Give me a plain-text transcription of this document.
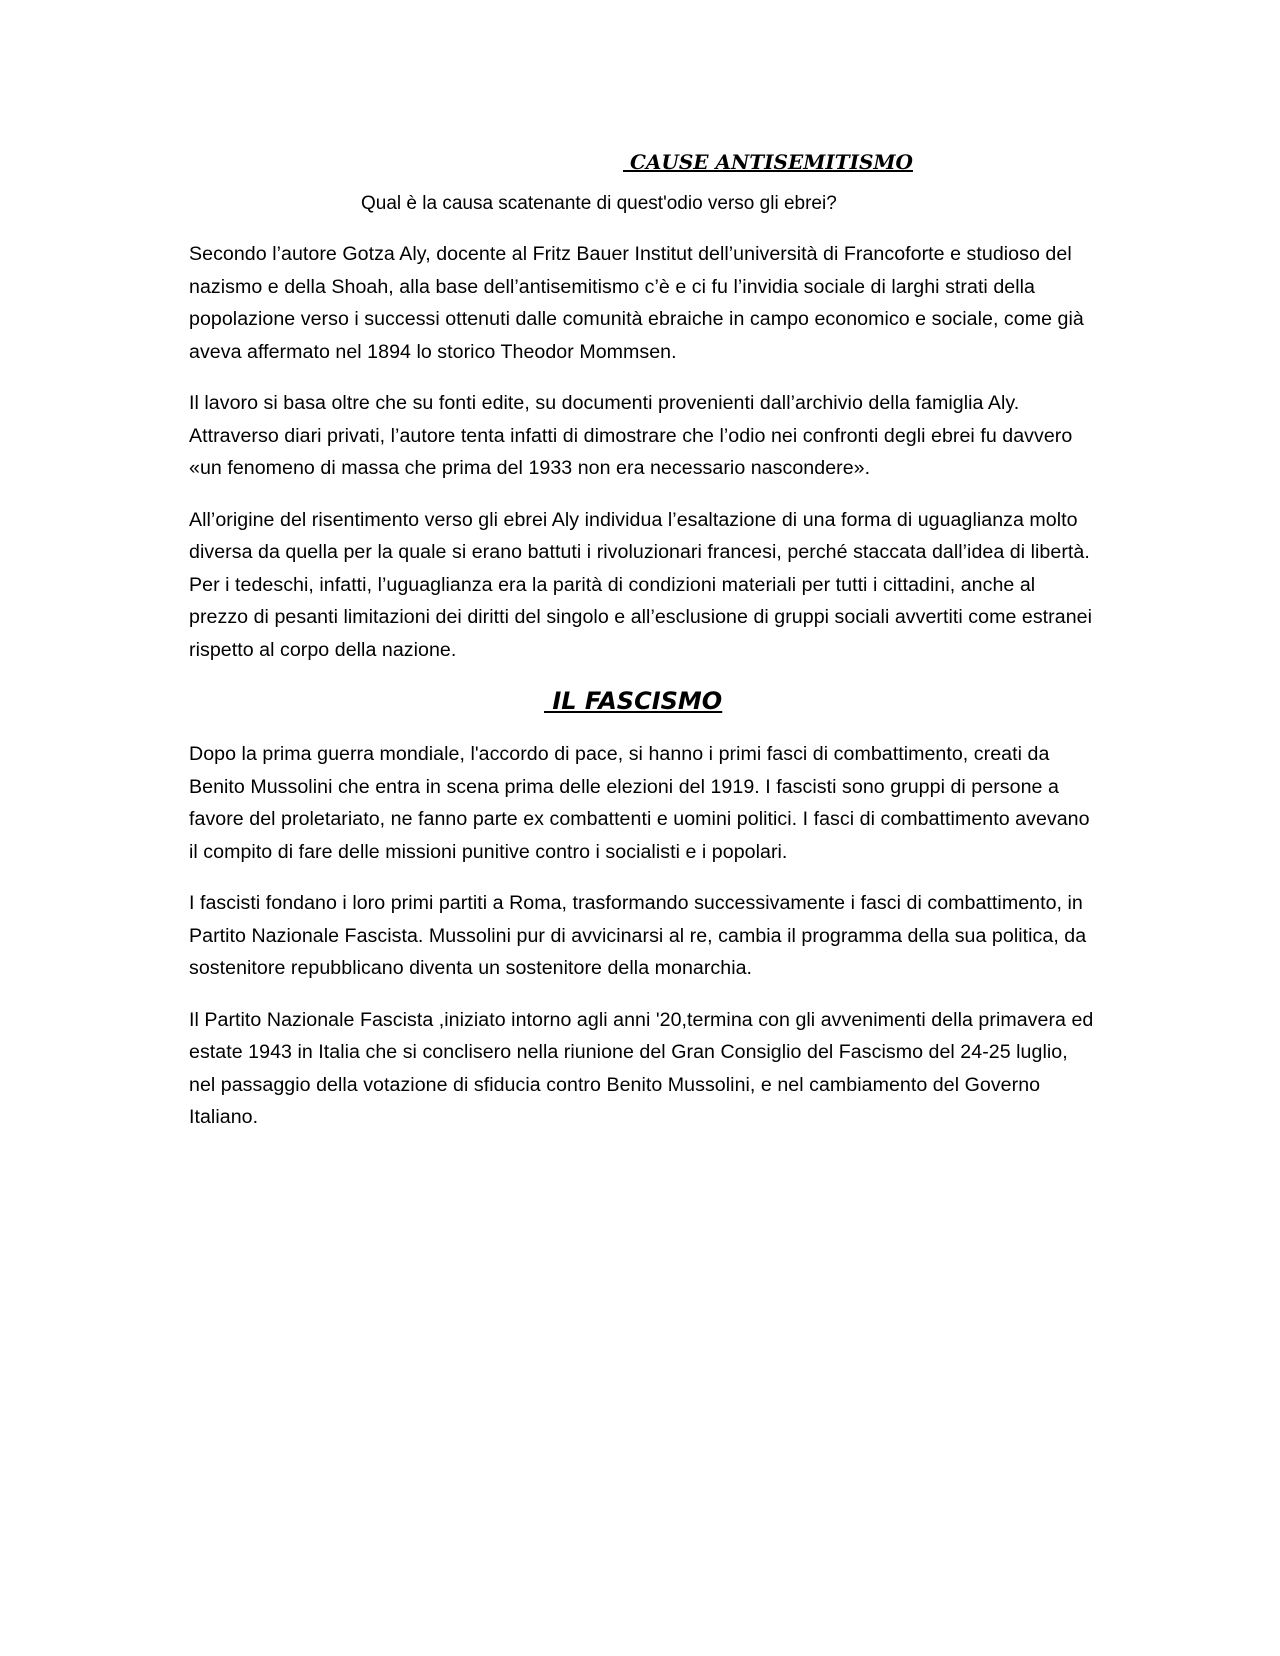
CAUSE ANTISEMITISMO
Qual è la causa scatenante di quest'odio verso gli ebrei?

Secondo l’autore Gotza Aly, docente al Fritz Bauer Institut dell’università di Francoforte e studioso del nazismo e della Shoah, alla base dell’antisemitismo c’è e ci fu l’invidia sociale di larghi strati della popolazione verso i successi ottenuti dalle comunità ebraiche in campo economico e sociale, come già aveva affermato nel 1894 lo storico Theodor Mommsen.

Il lavoro si basa oltre che su fonti edite, su documenti provenienti dall’archivio della famiglia Aly. Attraverso diari privati, l’autore tenta infatti di dimostrare che l’odio nei confronti degli ebrei fu davvero «un fenomeno di massa che prima del 1933 non era necessario nascondere».

All’origine del risentimento verso gli ebrei Aly individua l’esaltazione di una forma di uguaglianza molto diversa da quella per la quale si erano battuti i rivoluzionari francesi, perché staccata dall’idea di libertà. Per i tedeschi, infatti, l’uguaglianza era la parità di condizioni materiali per tutti i cittadini, anche al prezzo di pesanti limitazioni dei diritti del singolo e all’esclusione di gruppi sociali avvertiti come estranei rispetto al corpo della nazione.

IL FASCISMO

Dopo la prima guerra mondiale, l'accordo di pace, si hanno i primi fasci di combattimento, creati da Benito Mussolini che entra in scena prima delle elezioni del 1919. I fascisti sono gruppi di persone a favore del proletariato, ne fanno parte ex combattenti e uomini politici. I fasci di combattimento avevano il compito di fare delle missioni punitive contro i socialisti e i popolari.

I fascisti fondano i loro primi partiti a Roma, trasformando successivamente i fasci di combattimento, in Partito Nazionale Fascista. Mussolini pur di avvicinarsi al re, cambia il programma della sua politica, da sostenitore repubblicano diventa un sostenitore della monarchia.

Il Partito Nazionale Fascista ,iniziato intorno agli anni '20,termina con gli avvenimenti della primavera ed estate 1943 in Italia che si conclisero nella riunione del Gran Consiglio del Fascismo del 24-25 luglio, nel passaggio della votazione di sfiducia contro Benito Mussolini, e nel cambiamento del Governo Italiano.
